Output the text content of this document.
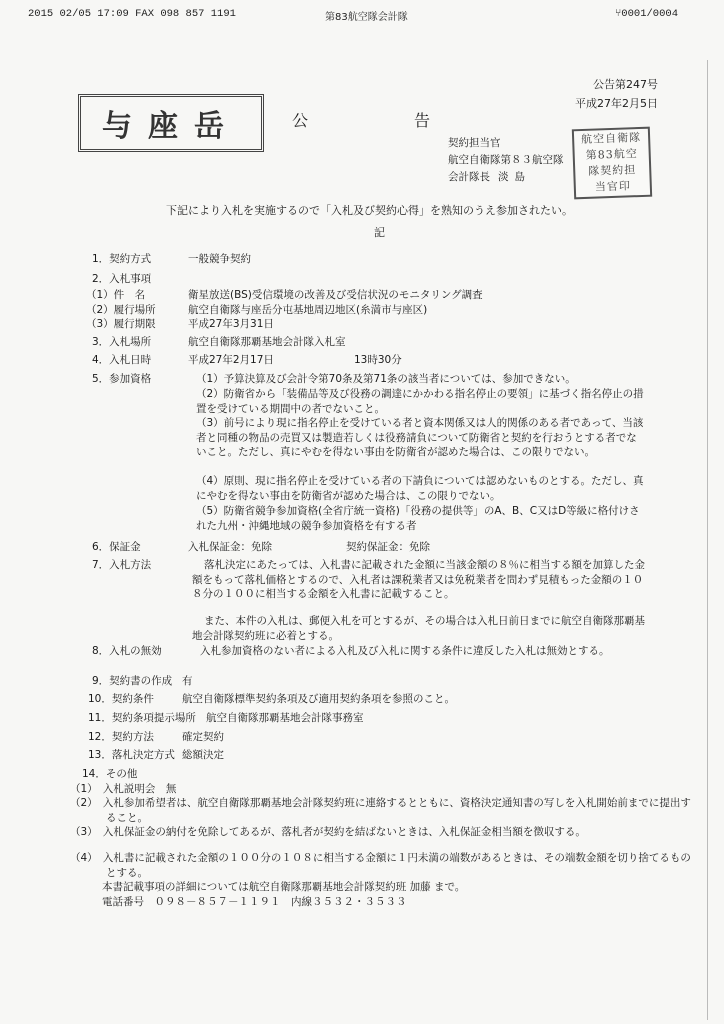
2015 02/05 17:09 FAX 098 857 1191	第83航空隊会計隊	⑂0001/0004
公告第247号
平成27年2月5日
与座岳	公	告
契約担当官
航空自衛隊第８３航空隊
会計隊長 淡島
航空自衛隊
第83航空
隊契約担
当官印
下記により入札を実施するので「入札及び契約心得」を熟知のうえ参加されたい。
記
1．契約方式	一般競争契約
2．入札事項
（1）件　名	衛星放送(BS)受信環境の改善及び受信状況のモニタリング調査
（2）履行場所	航空自衛隊与座岳分屯基地周辺地区(糸満市与座区)
（3）履行期限	平成27年3月31日
3．入札場所	航空自衛隊那覇基地会計隊入札室
4．入札日時	平成27年2月17日	13時30分
5．参加資格	（1）予算決算及び会計令第70条及第71条の該当者については、参加できない。
（2）防衛省から「装備品等及び役務の調達にかかわる指名停止の要領」に基づく指名停止の措置を受けている期間中の者でないこと。
（3）前号により現に指名停止を受けている者と資本関係又は人的関係のある者であって、当該者と同種の物品の売買又は製造若しくは役務請負について防衛省と契約を行おうとする者でないこと。ただし、真にやむを得ない事由を防衛省が認めた場合は、この限りでない。
（4）原則、現に指名停止を受けている者の下請負については認めないものとする。ただし、真にやむを得ない事由を防衛省が認めた場合は、この限りでない。
（5）防衛省競争参加資格(全省庁統一資格)「役務の提供等」のA、B、C又はD等級に格付けされた九州・沖縄地域の競争参加資格を有する者
6．保証金	入札保証金：免除	契約保証金：免除
7．入札方法	落札決定にあたっては、入札書に記載された金額に当該金額の８％に相当する額を加算した金額をもって落札価格とするので、入札者は課税業者又は免税業者を問わず見積もった金額の１０８分の１００に相当する金額を入札書に記載すること。
また、本件の入札は、郵便入札を可とするが、その場合は入札日前日までに航空自衛隊那覇基地会計隊契約班に必着とする。
8．入札の無効	入札参加資格のない者による入札及び入札に関する条件に違反した入札は無効とする。
9．契約書の作成 有
10．契約条件	航空自衛隊標準契約条項及び適用契約条項を参照のこと。
11．契約条項提示場所 航空自衛隊那覇基地会計隊事務室
12．契約方法	確定契約
13．落札決定方式 総額決定
14．その他
（1）　入札説明会　無
（2）　入札参加希望者は、航空自衛隊那覇基地会計隊契約班に連絡するとともに、資格決定通知書の写しを入札開始前までに提出すること。
（3）　入札保証金の納付を免除してあるが、落札者が契約を結ばないときは、入札保証金相当額を徴収する。
（4）　入札書に記載された金額の１００分の１０８に相当する金額に１円未満の端数があるときは、その端数金額を切り捨てるものとする。
本書記載事項の詳細については航空自衛隊那覇基地会計隊契約班 加藤 まで。
電話番号　０９８－８５７－１１９１　内線３５３２・３５３３
